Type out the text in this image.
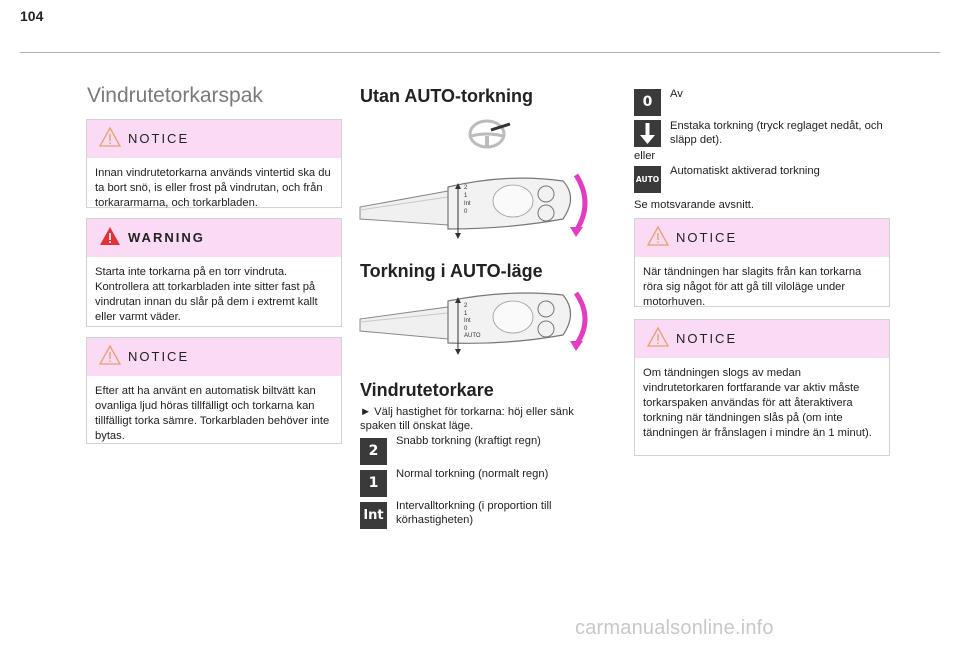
104
Vindrutetorkarspak
NOTICE
Innan vindrutetorkarna används vintertid ska du ta bort snö, is eller frost på vindrutan, och från torkararmarna, och torkarbladen.
WARNING
Starta inte torkarna på en torr vindruta. Kontrollera att torkarbladen inte sitter fast på vindrutan innan du slår på dem i extremt kallt eller varmt väder.
NOTICE
Efter att ha använt en automatisk biltvätt kan ovanliga ljud höras tillfälligt och torkarna kan tillfälligt torka sämre. Torkarbladen behöver inte bytas.
Utan AUTO-torkning
2
1
Int
0
Torkning i AUTO-läge
2
1
Int
0
AUTO
Vindrutetorkare
► Välj hastighet för torkarna: höj eller sänk spaken till önskat läge.
2
Snabb torkning (kraftigt regn)
1
Normal torkning (normalt regn)
Int
Intervalltorkning (i proportion till körhastigheten)
0	Av
Enstaka torkning (tryck reglaget nedåt, och släpp det).
eller
AUTO
Automatiskt aktiverad torkning
Se motsvarande avsnitt.
NOTICE
När tändningen har slagits från kan torkarna röra sig något för att gå till viloläge under motorhuven.
NOTICE
Om tändningen slogs av medan vindrutetorkaren fortfarande var aktiv måste torkarspaken användas för att återaktivera torkning när tändningen slås på (om inte tändningen är frånslagen i mindre än 1 minut).
carmanualsonline.info
